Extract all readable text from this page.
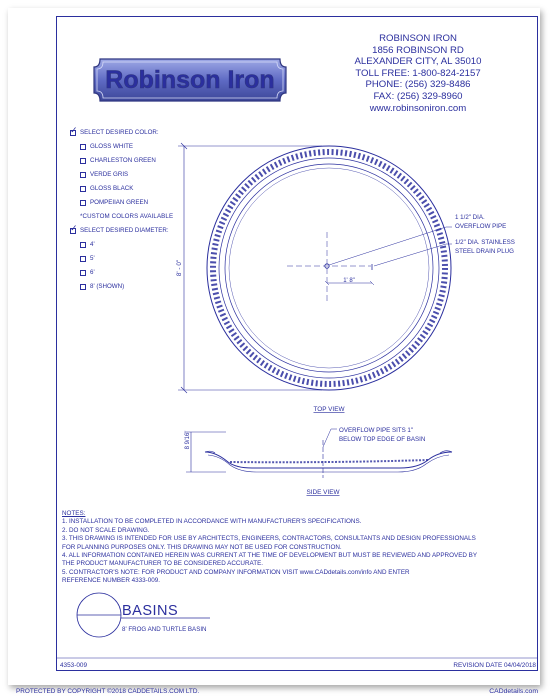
ROBINSON IRON
1856 ROBINSON RD
ALEXANDER CITY, AL 35010
TOLL FREE: 1-800-824-2157
PHONE: (256) 329-8486
FAX: (256) 329-8960
www.robinsoniron.com
Robinson Iron
✓ SELECT DESIRED COLOR:
GLOSS WHITE
CHARLESTON GREEN
VERDE GRIS
GLOSS BLACK
POMPEIIAN GREEN
*CUSTOM COLORS AVAILABLE
✓ SELECT DESIRED DIAMETER:
4'
5'
6'
8' (SHOWN)
8' - 0"
1' 8"
1 1/2" DIA.
OVERFLOW PIPE
1/2" DIA. STAINLESS
STEEL DRAIN PLUG
TOP VIEW
8 9/16"
OVERFLOW PIPE SITS 1"
BELOW TOP EDGE OF BASIN
SIDE VIEW
NOTES:
1. INSTALLATION TO BE COMPLETED IN ACCORDANCE WITH MANUFACTURER'S SPECIFICATIONS.
2. DO NOT SCALE DRAWING.
3. THIS DRAWING IS INTENDED FOR USE BY ARCHITECTS, ENGINEERS, CONTRACTORS, CONSULTANTS AND DESIGN PROFESSIONALS
FOR PLANNING PURPOSES ONLY. THIS DRAWING MAY NOT BE USED FOR CONSTRUCTION.
4. ALL INFORMATION CONTAINED HEREIN WAS CURRENT AT THE TIME OF DEVELOPMENT BUT MUST BE REVIEWED AND APPROVED BY
THE PRODUCT MANUFACTURER TO BE CONSIDERED ACCURATE.
5. CONTRACTOR'S NOTE: FOR PRODUCT AND COMPANY INFORMATION VISIT www.CADdetails.com/info AND ENTER
REFERENCE NUMBER 4333-009.
BASINS
8' FROG AND TURTLE BASIN
4353-009	REVISION DATE 04/04/2018
PROTECTED BY COPYRIGHT ©2018 CADDETAILS.COM LTD.	CADdetails.com
